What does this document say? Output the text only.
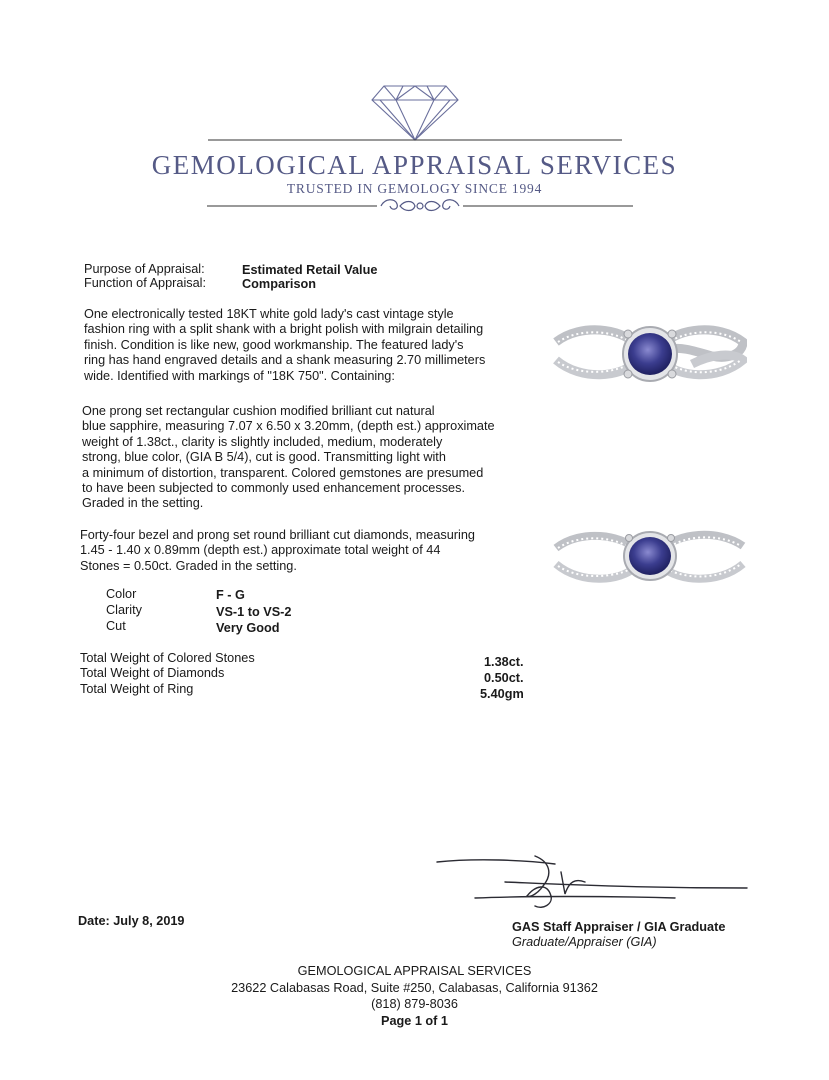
GEMOLOGICAL APPRAISAL SERVICES
TRUSTED IN GEMOLOGY SINCE 1994
Purpose of Appraisal:	Estimated Retail Value
Function of Appraisal:	Comparison
One electronically tested 18KT white gold lady's cast vintage style
fashion ring with a split shank with a bright polish with milgrain detailing
finish. Condition is like new, good workmanship. The featured lady's
ring has hand engraved details and a shank measuring 2.70 millimeters
wide. Identified with markings of "18K 750". Containing:
One prong set rectangular cushion modified brilliant cut natural
blue sapphire, measuring 7.07 x 6.50 x 3.20mm, (depth est.) approximate
weight of 1.38ct., clarity is slightly included, medium, moderately
strong, blue color, (GIA B 5/4), cut is good. Transmitting light with
a minimum of distortion, transparent. Colored gemstones are presumed
to have been subjected to commonly used enhancement processes.
Graded in the setting.
Forty-four bezel and prong set round brilliant cut diamonds, measuring
1.45 - 1.40 x 0.89mm (depth est.) approximate total weight of 44
Stones = 0.50ct. Graded in the setting.
Color	F - G
Clarity	VS-1 to VS-2
Cut	Very Good
Total Weight of Colored Stones	1.38ct.
Total Weight of Diamonds	0.50ct.
Total Weight of Ring	5.40gm
Date: July 8, 2019	GAS Staff Appraiser / GIA Graduate
Graduate/Appraiser (GIA)
GEMOLOGICAL APPRAISAL SERVICES
23622 Calabasas Road, Suite #250, Calabasas, California 91362
(818) 879-8036
Page 1 of 1
